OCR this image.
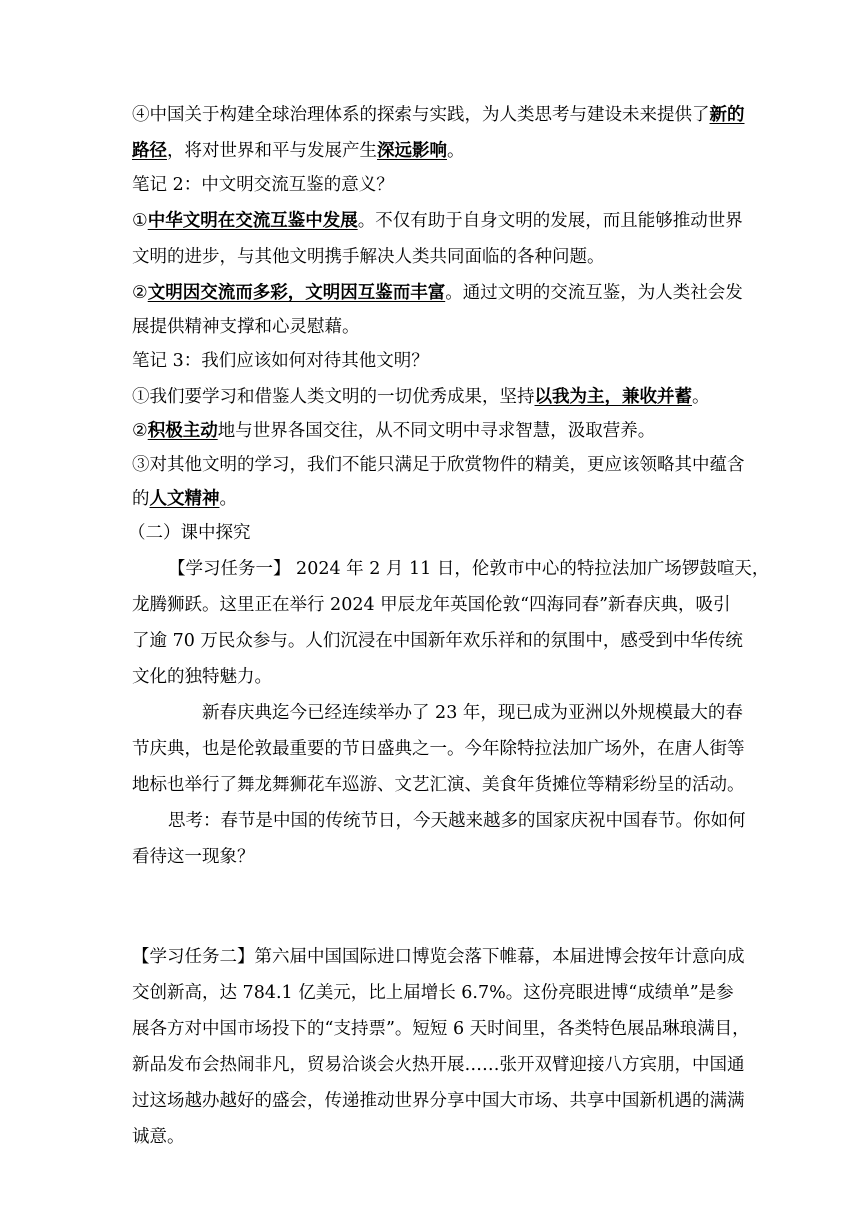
④中国关于构建全球治理体系的探索与实践，为人类思考与建设未来提供了新的
路径，将对世界和平与发展产生深远影响。
笔记 2：中文明交流互鉴的意义？
①中华文明在交流互鉴中发展。不仅有助于自身文明的发展，而且能够推动世界
文明的进步，与其他文明携手解决人类共同面临的各种问题。
②文明因交流而多彩，文明因互鉴而丰富。通过文明的交流互鉴，为人类社会发
展提供精神支撑和心灵慰藉。
笔记 3：我们应该如何对待其他文明？
①我们要学习和借鉴人类文明的一切优秀成果，坚持以我为主，兼收并蓄。
②积极主动地与世界各国交往，从不同文明中寻求智慧，汲取营养。
③对其他文明的学习，我们不能只满足于欣赏物件的精美，更应该领略其中蕴含
的人文精神。
（二）课中探究
【学习任务一】 2024 年 2 月 11 日，伦敦市中心的特拉法加广场锣鼓喧天，
龙腾狮跃。这里正在举行 2024 甲辰龙年英国伦敦“四海同春”新春庆典，吸引
了逾 70 万民众参与。人们沉浸在中国新年欢乐祥和的氛围中，感受到中华传统
文化的独特魅力。
新春庆典迄今已经连续举办了 23 年，现已成为亚洲以外规模最大的春
节庆典，也是伦敦最重要的节日盛典之一。今年除特拉法加广场外，在唐人街等
地标也举行了舞龙舞狮花车巡游、文艺汇演、美食年货摊位等精彩纷呈的活动。
思考：春节是中国的传统节日，今天越来越多的国家庆祝中国春节。你如何
看待这一现象？
【学习任务二】第六届中国国际进口博览会落下帷幕，本届进博会按年计意向成
交创新高，达 784.1 亿美元，比上届增长 6.7%。这份亮眼进博“成绩单”是参
展各方对中国市场投下的“支持票”。短短 6 天时间里，各类特色展品琳琅满目，
新品发布会热闹非凡，贸易洽谈会火热开展……张开双臂迎接八方宾朋，中国通
过这场越办越好的盛会，传递推动世界分享中国大市场、共享中国新机遇的满满
诚意。
